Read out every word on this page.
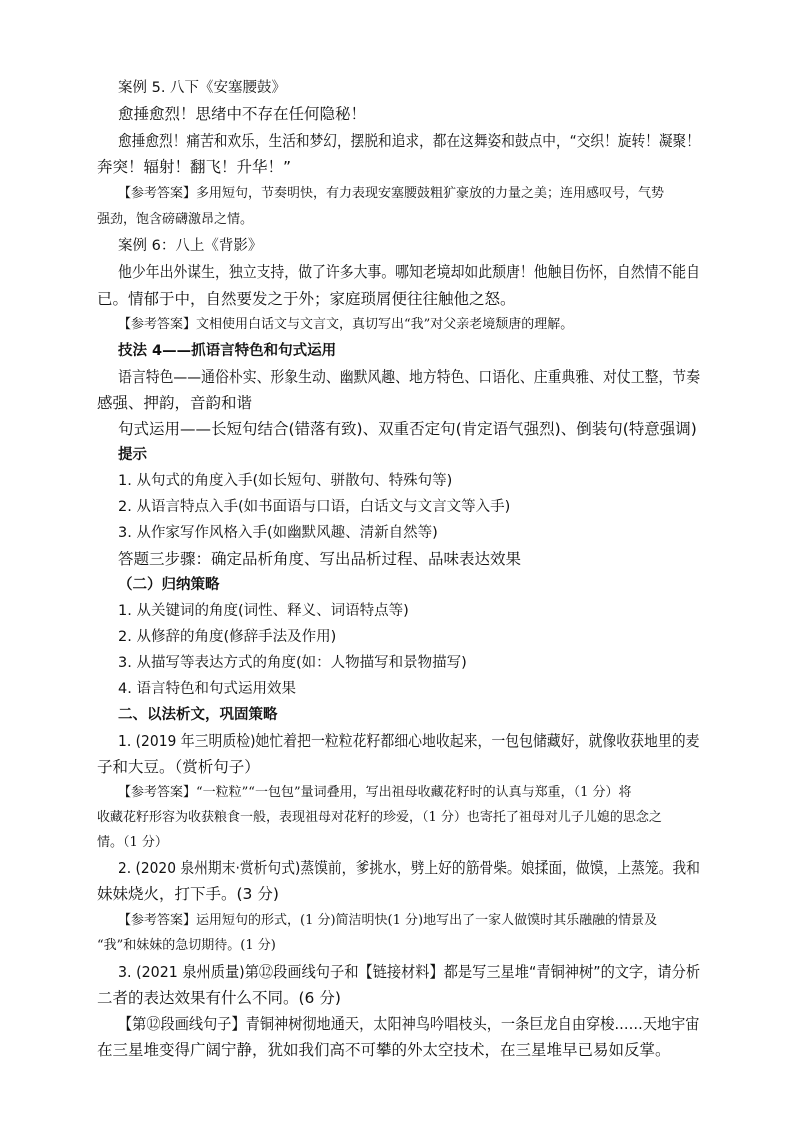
案例 5. 八下《安塞腰鼓》
愈捶愈烈！思绪中不存在任何隐秘！
愈捶愈烈！痛苦和欢乐，生活和梦幻，摆脱和追求，都在这舞姿和鼓点中，“交织！旋转！凝聚！
奔突！辐射！翻飞！升华！”
【参考答案】多用短句，节奏明快，有力表现安塞腰鼓粗犷豪放的力量之美；连用感叹号，气势
强劲，饱含磅礴激昂之情。
案例 6：八上《背影》
他少年出外谋生，独立支持，做了许多大事。哪知老境却如此颓唐！他触目伤怀，自然情不能自
已。情郁于中，自然要发之于外；家庭琐屑便往往触他之怒。
【参考答案】文相使用白话文与文言文，真切写出“我”对父亲老境颓唐的理解。
技法 4——抓语言特色和句式运用
语言特色——通俗朴实、形象生动、幽默风趣、地方特色、口语化、庄重典雅、对仗工整，节奏
感强、押韵，音韵和谐
句式运用——长短句结合(错落有致)、双重否定句(肯定语气强烈)、倒装句(特意强调)
提示
1. 从句式的角度入手(如长短句、骈散句、特殊句等)
2. 从语言特点入手(如书面语与口语，白话文与文言文等入手)
3. 从作家写作风格入手(如幽默风趣、清新自然等)
答题三步骤：确定品析角度、写出品析过程、品味表达效果
（二）归纳策略
1. 从关键词的角度(词性、释义、词语特点等)
2. 从修辞的角度(修辞手法及作用)
3. 从描写等表达方式的角度(如：人物描写和景物描写)
4. 语言特色和句式运用效果
二、以法析文，巩固策略
1. (2019 年三明质检)她忙着把一粒粒花籽都细心地收起来，一包包储藏好，就像收获地里的麦
子和大豆。（赏析句子）
【参考答案】“一粒粒”“一包包”量词叠用，写出祖母收藏花籽时的认真与郑重，（1 分）将
收藏花籽形容为收获粮食一般，表现祖母对花籽的珍爱，（1 分）也寄托了祖母对儿子儿媳的思念之
情。（1 分）
2. (2020 泉州期末·赏析句式)蒸馍前，爹挑水，劈上好的筋骨柴。娘揉面，做馍，上蒸笼。我和
妹妹烧火，打下手。(3 分)
【参考答案】运用短句的形式，(1 分)简洁明快(1 分)地写出了一家人做馍时其乐融融的情景及
“我”和妹妹的急切期待。(1 分)
3. (2021 泉州质量)第⑫段画线句子和【链接材料】都是写三星堆“青铜神树”的文字，请分析
二者的表达效果有什么不同。(6 分)
【第⑫段画线句子】青铜神树彻地通天，太阳神鸟吟唱枝头，一条巨龙自由穿梭……天地宇宙
在三星堆变得广阔宁静，犹如我们高不可攀的外太空技术，在三星堆早已易如反掌。
